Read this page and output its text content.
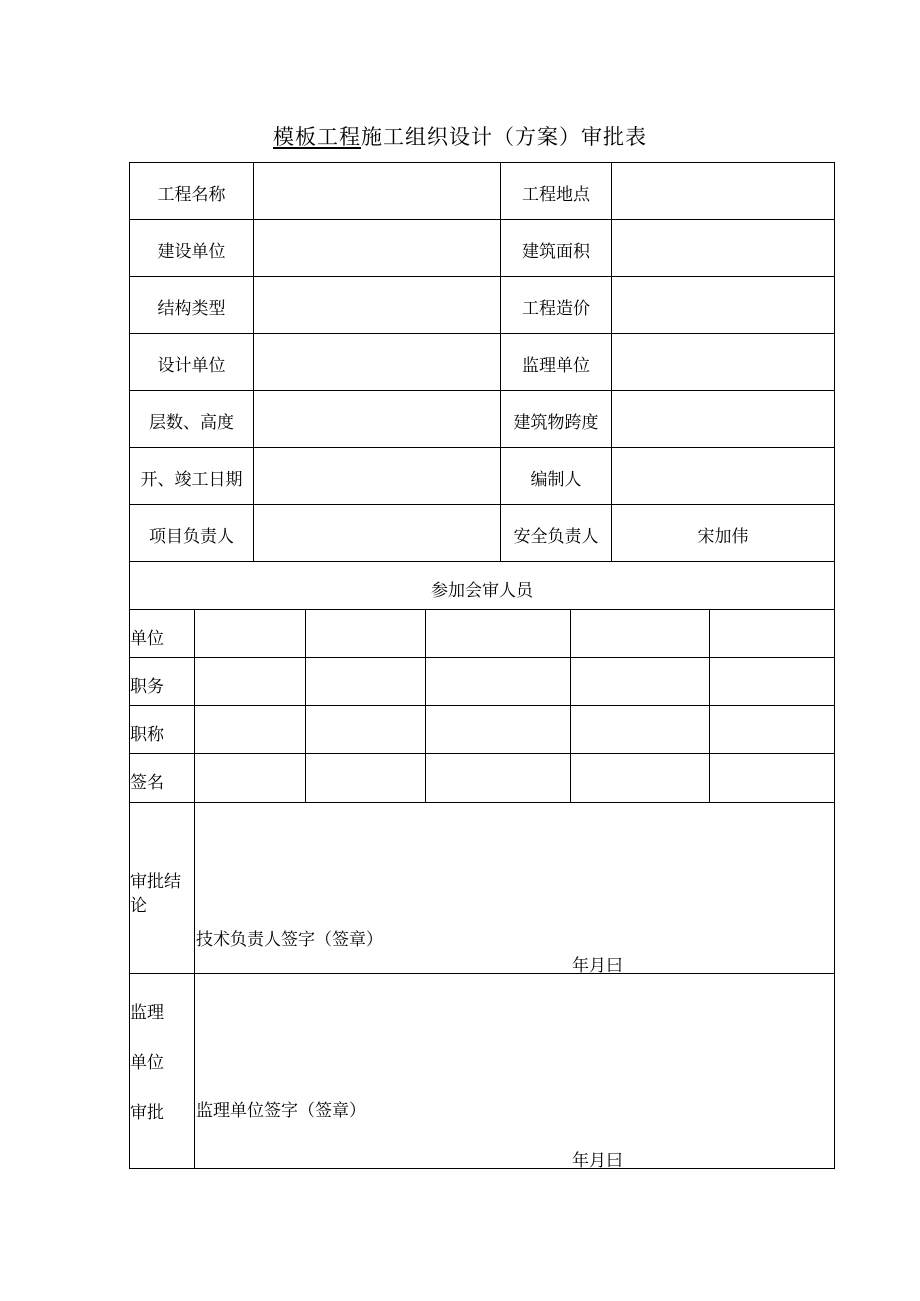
模板工程施工组织设计（方案）审批表
工程名称	工程地点
建设单位	建筑面积
结构类型	工程造价
设计单位	监理单位
层数、高度	建筑物跨度
开、竣工日期	编制人
项目负责人	安全负责人	宋加伟
参加会审人员
单位
职务
职称
签名
审批结
论
技术负责人签字（签章）
年月曰
监理
单位
审批 监理单位签字（签章）
年月曰
